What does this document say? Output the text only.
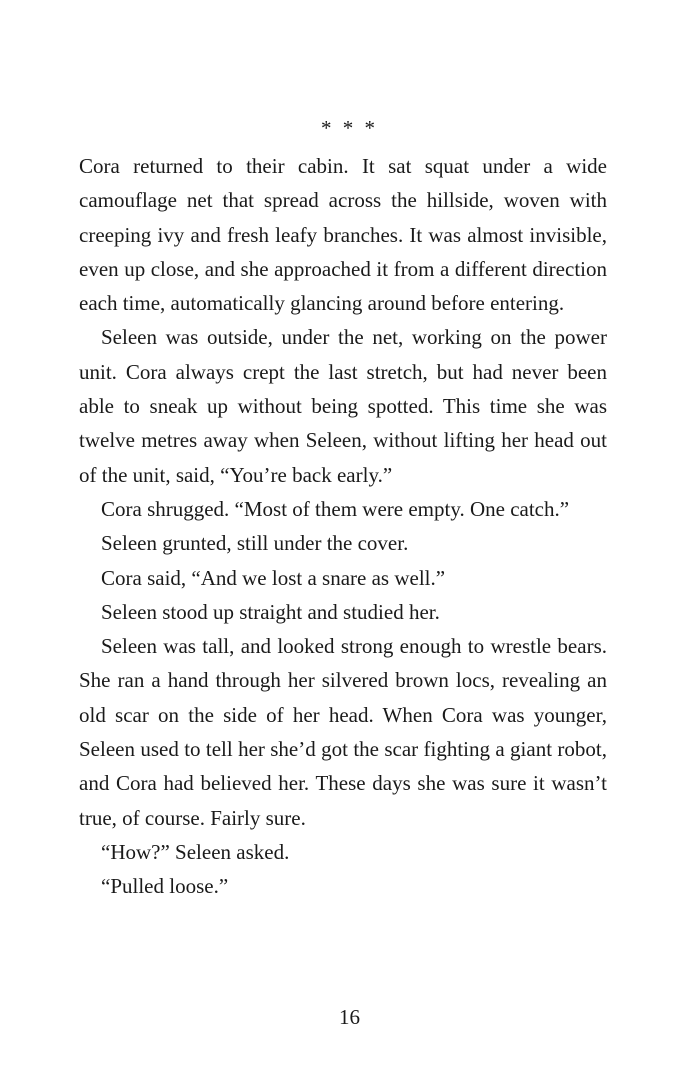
* * *

Cora returned to their cabin. It sat squat under a wide camouflage net that spread across the hillside, woven with creeping ivy and fresh leafy branches. It was almost invisible, even up close, and she approached it from a different direction each time, automatically glancing around before entering.

Seleen was outside, under the net, working on the power unit. Cora always crept the last stretch, but had never been able to sneak up without being spotted. This time she was twelve metres away when Seleen, without lifting her head out of the unit, said, “You’re back early.”

Cora shrugged. “Most of them were empty. One catch.”

Seleen grunted, still under the cover.

Cora said, “And we lost a snare as well.”

Seleen stood up straight and studied her.

Seleen was tall, and looked strong enough to wrestle bears. She ran a hand through her silvered brown locs, revealing an old scar on the side of her head. When Cora was younger, Seleen used to tell her she’d got the scar fighting a giant robot, and Cora had believed her. These days she was sure it wasn’t true, of course. Fairly sure.

“How?” Seleen asked.

“Pulled loose.”

16
